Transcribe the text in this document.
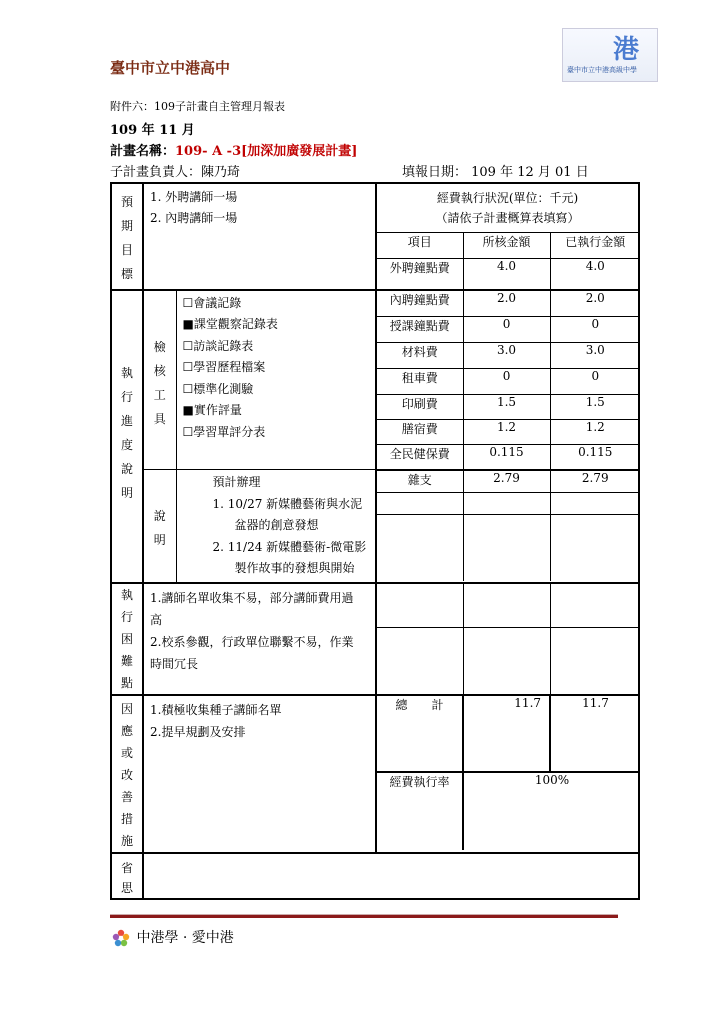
臺中市立中港高中
港
臺中市立中港高級中學
附件六：109子計畫自主管理月報表
109 年 11 月
計畫名稱：109- A -3[加深加廣發展計畫]
子計畫負責人：陳乃琦	填報日期： 109 年 12 月 01 日
預
期
目
標

1. 外聘講師一場
2. 內聘講師一場

經費執行狀況(單位：千元)
（請依子計畫概算表填寫）
項目	所核金額	已執行金額
外聘鐘點費	4.0	4.0

執
行
進
度
說
明

檢
核
工
具

☐會議記錄
■課堂觀察記錄表
☐訪談記錄表
☐學習歷程檔案
☐標準化測驗
■實作評量
☐學習單評分表

內聘鐘點費	2.0	2.0
授課鐘點費	0	0
材料費	3.0	3.0
租車費	0	0
印刷費	1.5	1.5
膳宿費	1.2	1.2
全民健保費	0.115	0.115

說
明

預計辦理
1. 10/27 新媒體藝術與水泥
盆器的創意發想
2. 11/24 新媒體藝術-微電影
製作故事的發想與開始

雜支	2.79	2.79

執
行
困
難
點

1.講師名單收集不易，部分講師費用過高
2.校系參觀，行政單位聯繫不易，作業時間冗長

因
應
或
改
善
措
施

1.積極收集種子講師名單
2.提早規劃及安排

總　　計	11.7	11.7
經費執行率	100%

省
思

中港學 · 愛中港
